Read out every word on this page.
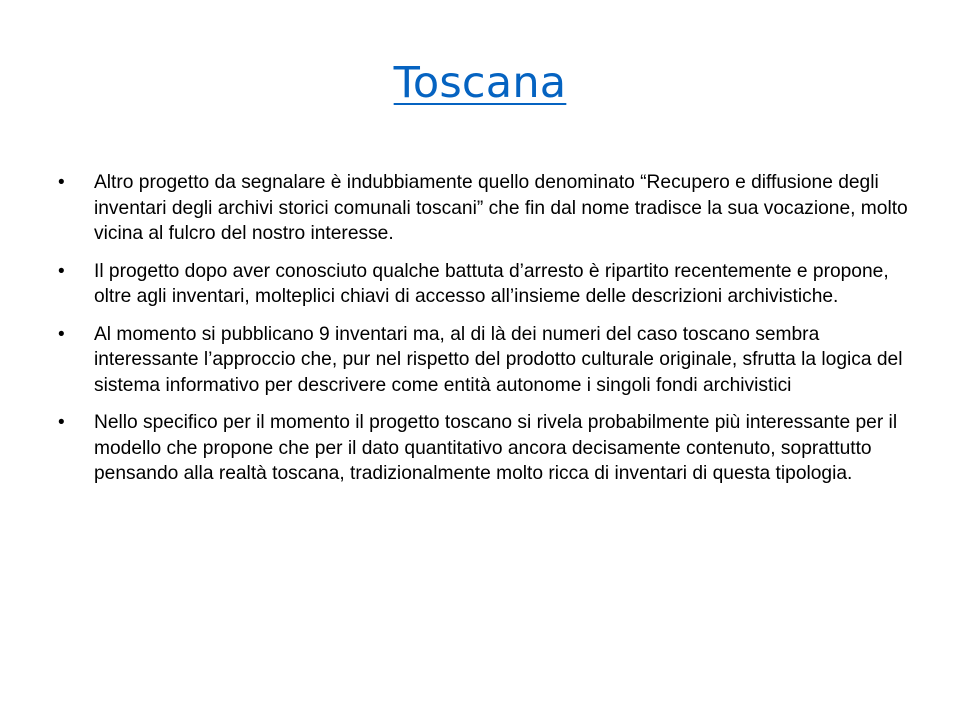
Toscana
• Altro progetto da segnalare è indubbiamente quello denominato “Recupero e diffusione degli inventari degli archivi storici comunali toscani” che fin dal nome tradisce la sua vocazione, molto vicina al fulcro del nostro interesse.
• Il progetto dopo aver conosciuto qualche battuta d’arresto è ripartito recentemente e propone, oltre agli inventari, molteplici chiavi di accesso all’insieme delle descrizioni archivistiche.
• Al momento si pubblicano 9 inventari ma, al di là dei numeri del caso toscano sembra interessante l’approccio che, pur nel rispetto del prodotto culturale originale, sfrutta la logica del sistema informativo per descrivere come entità autonome i singoli fondi archivistici
• Nello specifico per il momento il progetto toscano si rivela probabilmente più interessante per il modello che propone che per il dato quantitativo ancora decisamente contenuto, soprattutto pensando alla realtà toscana, tradizionalmente molto ricca di inventari di questa tipologia.
